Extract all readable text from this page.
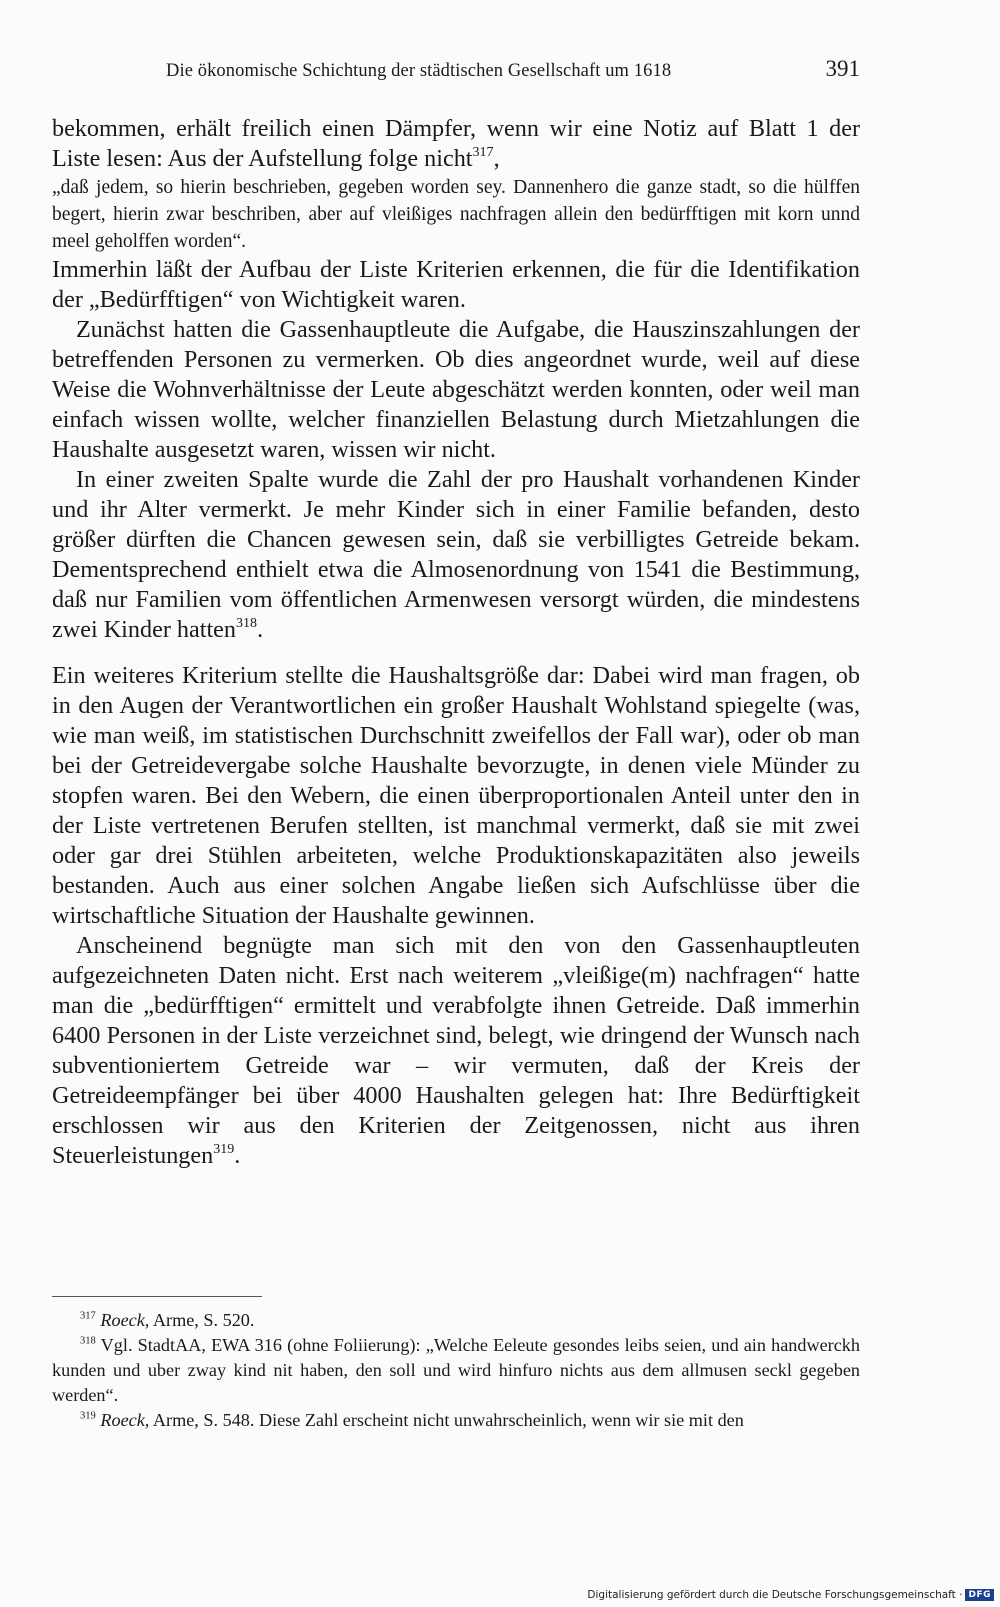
Die ökonomische Schichtung der städtischen Gesellschaft um 1618	391

bekommen, erhält freilich einen Dämpfer, wenn wir eine Notiz auf Blatt 1 der Liste lesen: Aus der Aufstellung folge nicht$^{317}$,

„daß jedem, so hierin beschrieben, gegeben worden sey. Dannenhero die ganze stadt, so die hülffen begert, hierin zwar beschriben, aber auf vleißiges nachfragen allein den bedürfftigen mit korn unnd meel geholffen worden“.

Immerhin läßt der Aufbau der Liste Kriterien erkennen, die für die Identifikation der „Bedürfftigen“ von Wichtigkeit waren.

Zunächst hatten die Gassenhauptleute die Aufgabe, die Hauszinszahlungen der betreffenden Personen zu vermerken. Ob dies angeordnet wurde, weil auf diese Weise die Wohnverhältnisse der Leute abgeschätzt werden konnten, oder weil man einfach wissen wollte, welcher finanziellen Belastung durch Mietzahlungen die Haushalte ausgesetzt waren, wissen wir nicht.

In einer zweiten Spalte wurde die Zahl der pro Haushalt vorhandenen Kinder und ihr Alter vermerkt. Je mehr Kinder sich in einer Familie befanden, desto größer dürften die Chancen gewesen sein, daß sie verbilligtes Getreide bekam. Dementsprechend enthielt etwa die Almosenordnung von 1541 die Bestimmung, daß nur Familien vom öffentlichen Armenwesen versorgt würden, die mindestens zwei Kinder hatten$^{318}$.

Ein weiteres Kriterium stellte die Haushaltsgröße dar: Dabei wird man fragen, ob in den Augen der Verantwortlichen ein großer Haushalt Wohlstand spiegelte (was, wie man weiß, im statistischen Durchschnitt zweifellos der Fall war), oder ob man bei der Getreidevergabe solche Haushalte bevorzugte, in denen viele Münder zu stopfen waren. Bei den Webern, die einen überproportionalen Anteil unter den in der Liste vertretenen Berufen stellten, ist manchmal vermerkt, daß sie mit zwei oder gar drei Stühlen arbeiteten, welche Produktionskapazitäten also jeweils bestanden. Auch aus einer solchen Angabe ließen sich Aufschlüsse über die wirtschaftliche Situation der Haushalte gewinnen.

Anscheinend begnügte man sich mit den von den Gassenhauptleuten aufgezeichneten Daten nicht. Erst nach weiterem „vleißige(m) nachfragen“ hatte man die „bedürfftigen“ ermittelt und verabfolgte ihnen Getreide. Daß immerhin 6400 Personen in der Liste verzeichnet sind, belegt, wie dringend der Wunsch nach subventioniertem Getreide war – wir vermuten, daß der Kreis der Getreideempfänger bei über 4000 Haushalten gelegen hat: Ihre Bedürftigkeit erschlossen wir aus den Kriterien der Zeitgenossen, nicht aus ihren Steuerleistungen$^{319}$.

$^{317}$ Roeck, Arme, S. 520.

$^{318}$ Vgl. StadtAA, EWA 316 (ohne Foliierung): „Welche Eeleute gesondes leibs seien, und ain handwerckh kunden und uber zway kind nit haben, den soll und wird hinfuro nichts aus dem allmusen seckl gegeben werden“.

$^{319}$ Roeck, Arme, S. 548. Diese Zahl erscheint nicht unwahrscheinlich, wenn wir sie mit den

Digitalisierung gefördert durch die Deutsche Forschungsgemeinschaft · DFG
